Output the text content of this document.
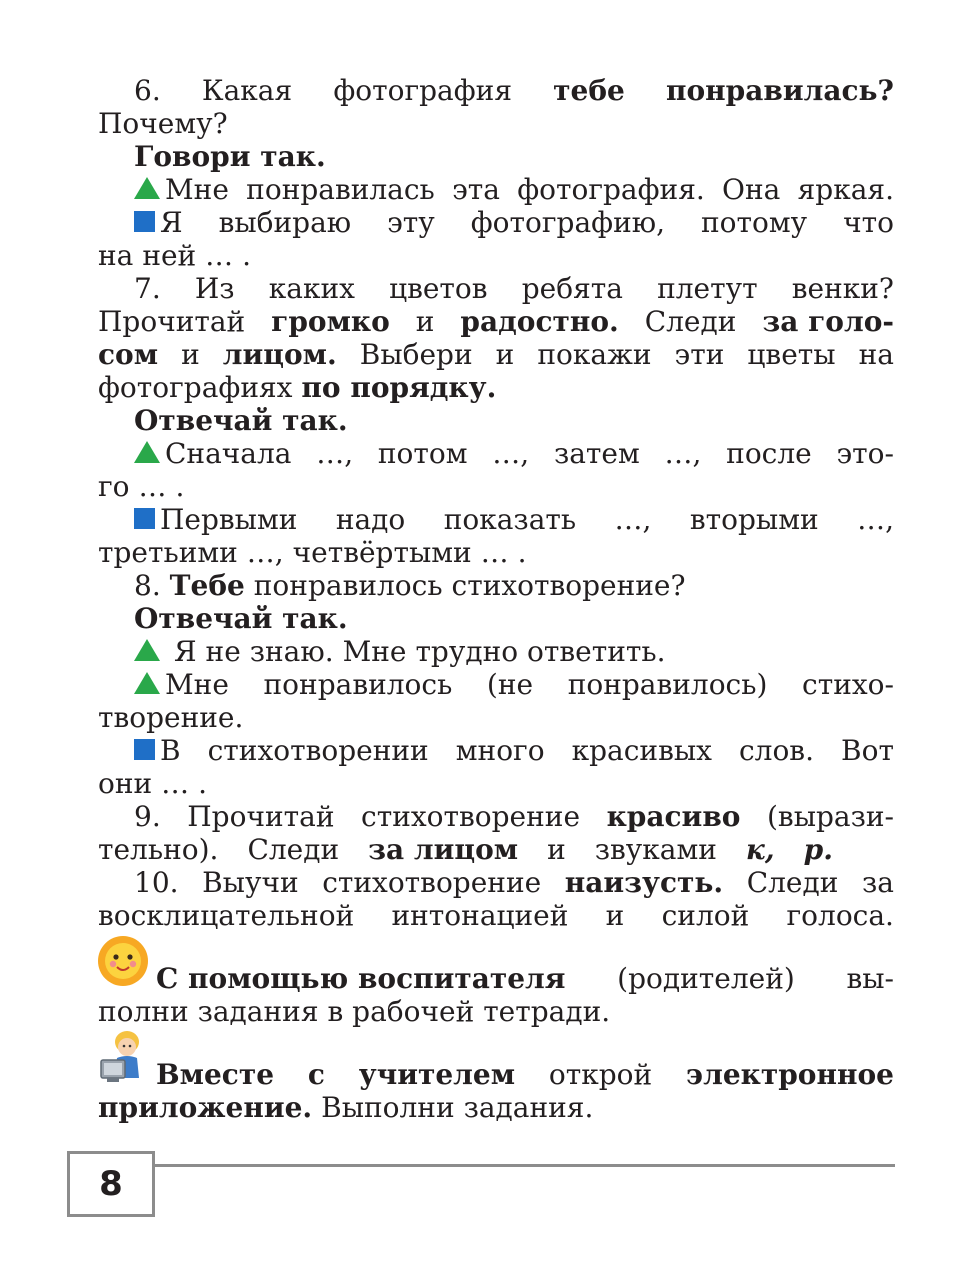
6. Какая фотография тебе понравилась?
Почему?
Говори так.
Мне понравилась эта фотография. Она яркая.
Я выбираю эту фотографию, потому что
на ней … .
7. Из каких цветов ребята плетут венки?
Прочитай громко и радостно. Следи за голо-
сом и лицом. Выбери и покажи эти цветы на
фотографиях по порядку.
Отвечай так.
Сначала …, потом …, затем …, после это-
го … .
Первыми надо показать …, вторыми …,
третьими …, четвёртыми … .
8. Тебе понравилось стихотворение?
Отвечай так.
Я не знаю. Мне трудно ответить.
Мне понравилось (не понравилось) стихо-
творение.
В стихотворении много красивых слов. Вот
они … .
9. Прочитай стихотворение красиво (вырази-
тельно). Следи за лицом и звуками к, р.
10. Выучи стихотворение наизусть. Следи за
восклицательной интонацией и силой голоса.
С помощью воспитателя (родителей) вы-
полни задания в рабочей тетради.
Вместе с учителем открой электронное
приложение. Выполни задания.
8
